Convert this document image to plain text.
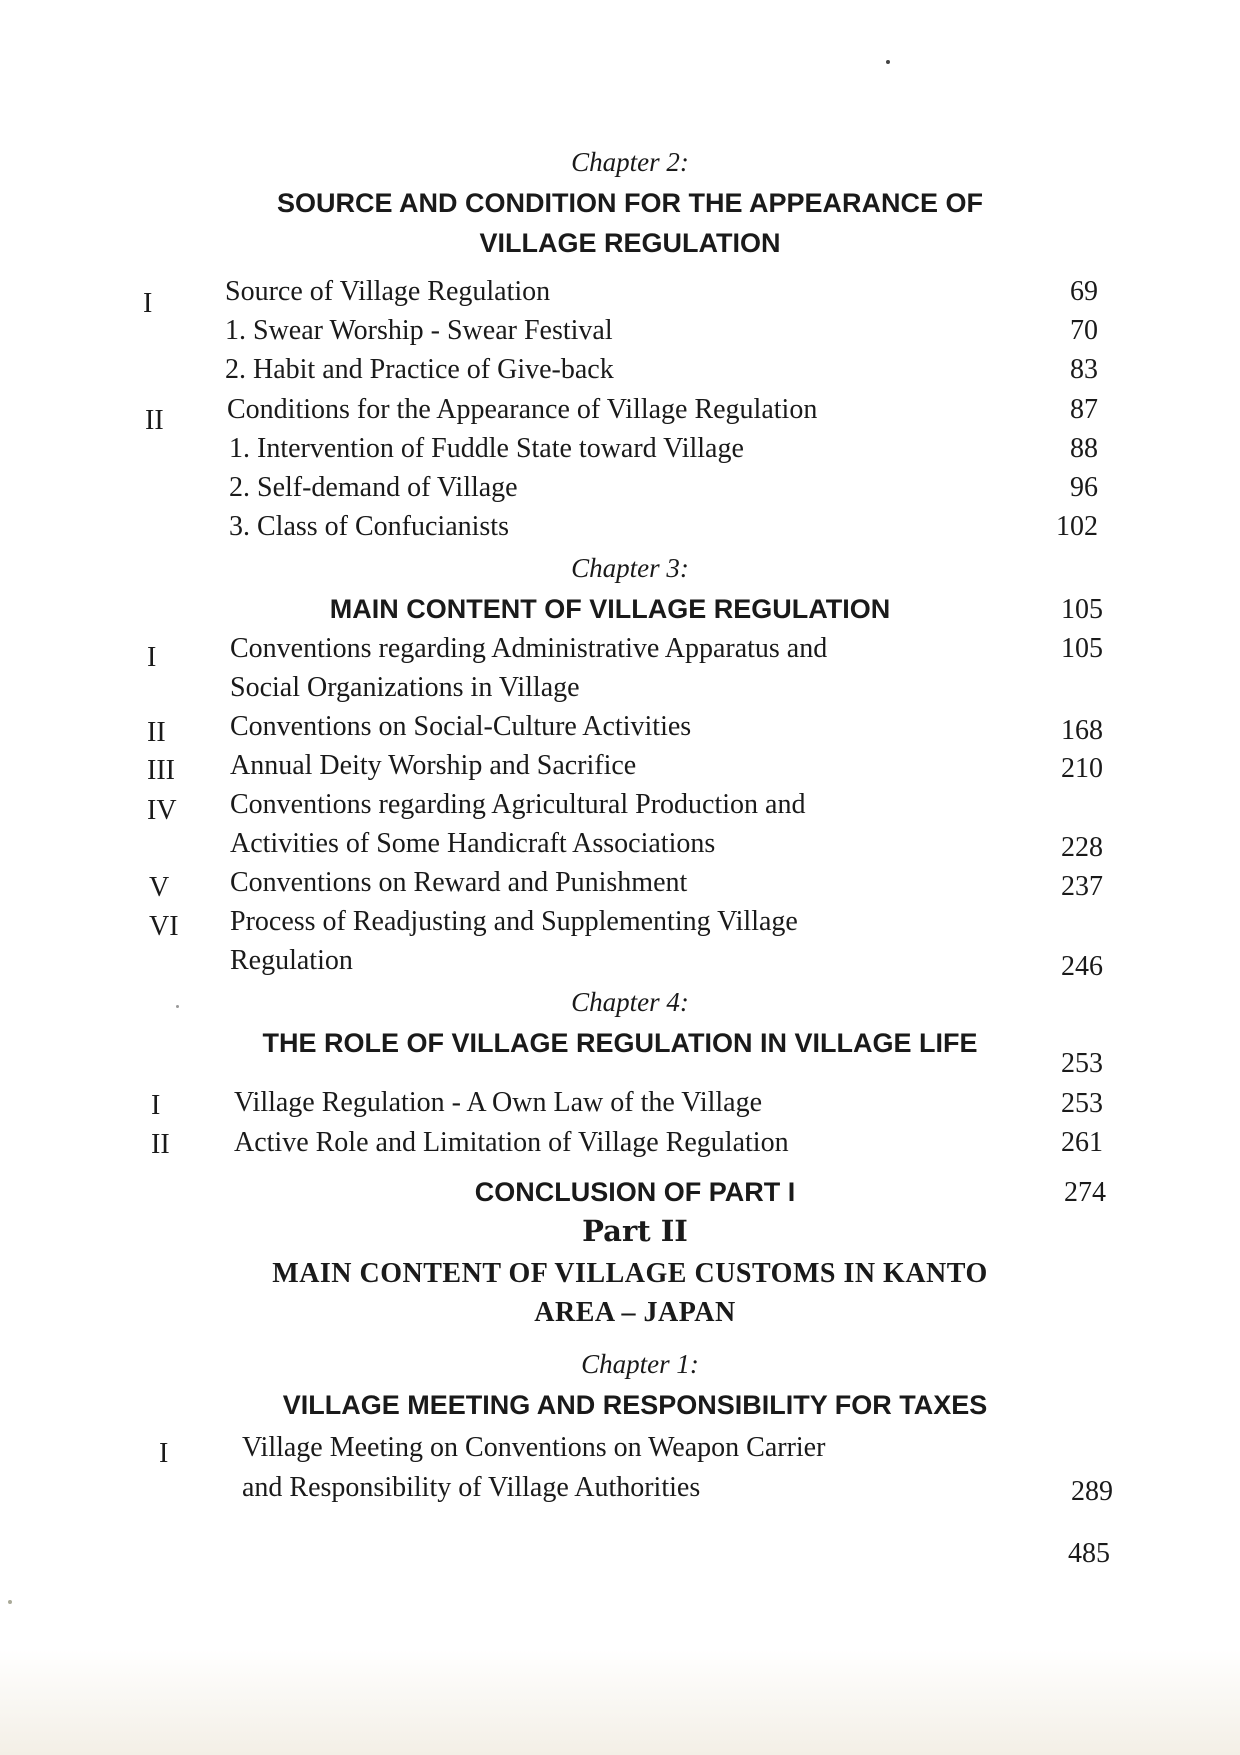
Chapter 2:
SOURCE AND CONDITION FOR THE APPEARANCE OF
VILLAGE REGULATION
I	Source of Village Regulation	69
1. Swear Worship - Swear Festival	70
2. Habit and Practice of Give-back	83
II Conditions for the Appearance of Village Regulation	87
1. Intervention of Fuddle State toward Village	88
2. Self-demand of Village	96
3. Class of Confucianists	102
Chapter 3:
MAIN CONTENT OF VILLAGE REGULATION	105
I	Conventions regarding Administrative Apparatus and	105
Social Organizations in Village
II Conventions on Social-Culture Activities	168
III Annual Deity Worship and Sacrifice	210
IV Conventions regarding Agricultural Production and
Activities of Some Handicraft Associations	228
V Conventions on Reward and Punishment	237
VI Process of Readjusting and Supplementing Village
Regulation	246
Chapter 4:
THE ROLE OF VILLAGE REGULATION IN VILLAGE LIFE
253
I	Village Regulation - A Own Law of the Village	253
II Active Role and Limitation of Village Regulation	261
CONCLUSION OF PART I	274
Part II
MAIN CONTENT OF VILLAGE CUSTOMS IN KANTO
AREA – JAPAN
Chapter 1:
VILLAGE MEETING AND RESPONSIBILITY FOR TAXES
I	Village Meeting on Conventions on Weapon Carrier
and Responsibility of Village Authorities	289
485
